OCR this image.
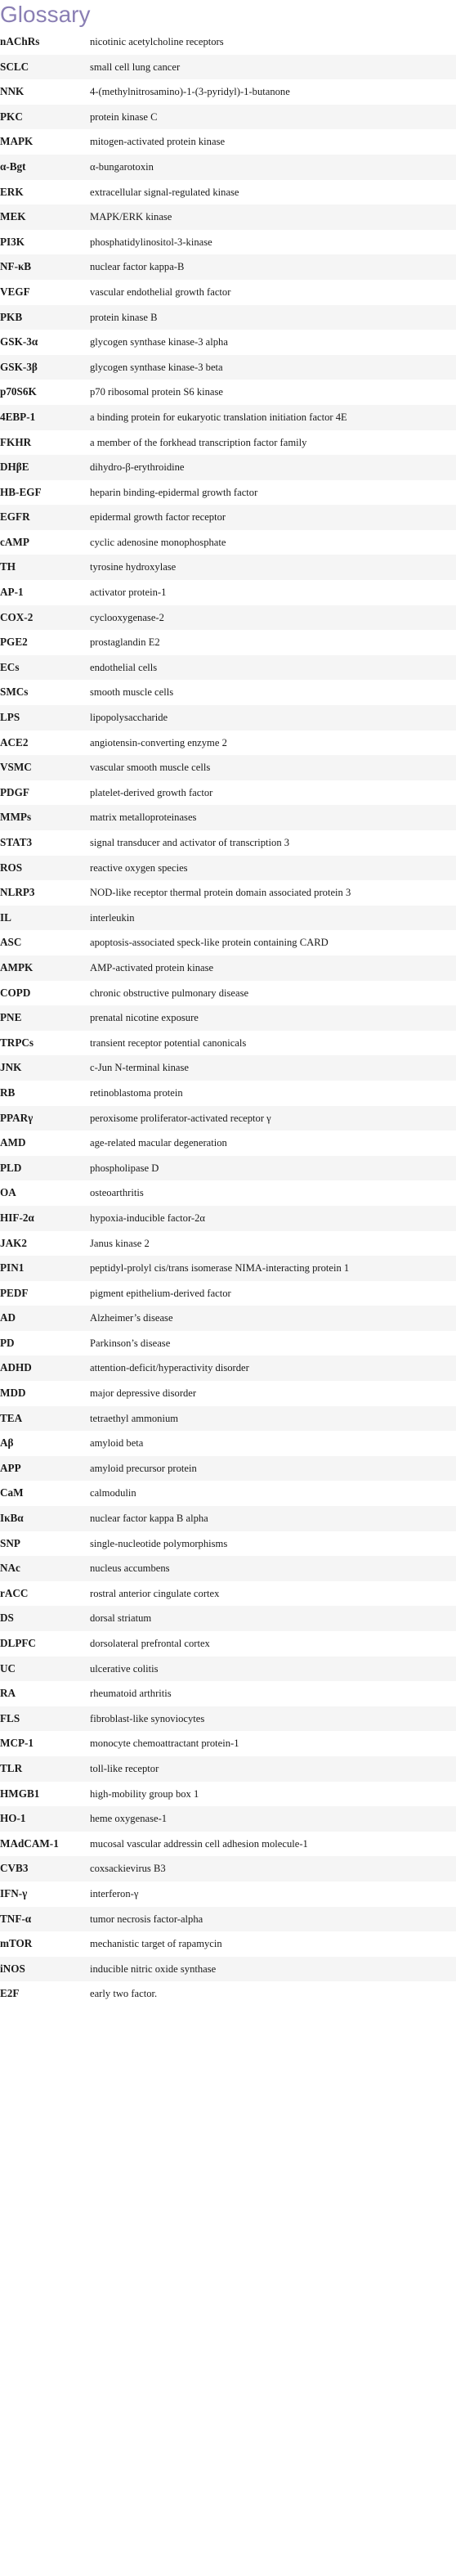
Glossary
nAChRs	nicotinic acetylcholine receptors
SCLC	small cell lung cancer
NNK	4-(methylnitrosamino)-1-(3-pyridyl)-1-butanone
PKC	protein kinase C
MAPK	mitogen-activated protein kinase
α-Bgt	α-bungarotoxin
ERK	extracellular signal-regulated kinase
MEK	MAPK/ERK kinase
PI3K	phosphatidylinositol-3-kinase
NF-κB	nuclear factor kappa-B
VEGF	vascular endothelial growth factor
PKB	protein kinase B
GSK-3α	glycogen synthase kinase-3 alpha
GSK-3β	glycogen synthase kinase-3 beta
p70S6K	p70 ribosomal protein S6 kinase
4EBP-1	a binding protein for eukaryotic translation initiation factor 4E
FKHR	a member of the forkhead transcription factor family
DHβE	dihydro-β-erythroidine
HB-EGF	heparin binding-epidermal growth factor
EGFR	epidermal growth factor receptor
cAMP	cyclic adenosine monophosphate
TH	tyrosine hydroxylase
AP-1	activator protein-1
COX-2	cyclooxygenase-2
PGE2	prostaglandin E2
ECs	endothelial cells
SMCs	smooth muscle cells
LPS	lipopolysaccharide
ACE2	angiotensin-converting enzyme 2
VSMC	vascular smooth muscle cells
PDGF	platelet-derived growth factor
MMPs	matrix metalloproteinases
STAT3	signal transducer and activator of transcription 3
ROS	reactive oxygen species
NLRP3	NOD-like receptor thermal protein domain associated protein 3
IL	interleukin
ASC	apoptosis-associated speck-like protein containing CARD
AMPK	AMP-activated protein kinase
COPD	chronic obstructive pulmonary disease
PNE	prenatal nicotine exposure
TRPCs	transient receptor potential canonicals
JNK	c-Jun N-terminal kinase
RB	retinoblastoma protein
PPARγ	peroxisome proliferator-activated receptor γ
AMD	age-related macular degeneration
PLD	phospholipase D
OA	osteoarthritis
HIF-2α	hypoxia-inducible factor-2α
JAK2	Janus kinase 2
PIN1	peptidyl-prolyl cis/trans isomerase NIMA-interacting protein 1
PEDF	pigment epithelium-derived factor
AD	Alzheimer’s disease
PD	Parkinson’s disease
ADHD	attention-deficit/hyperactivity disorder
MDD	major depressive disorder
TEA	tetraethyl ammonium
Aβ	amyloid beta
APP	amyloid precursor protein
CaM	calmodulin
IκBα	nuclear factor kappa B alpha
SNP	single-nucleotide polymorphisms
NAc	nucleus accumbens
rACC	rostral anterior cingulate cortex
DS	dorsal striatum
DLPFC	dorsolateral prefrontal cortex
UC	ulcerative colitis
RA	rheumatoid arthritis
FLS	fibroblast-like synoviocytes
MCP-1	monocyte chemoattractant protein-1
TLR	toll-like receptor
HMGB1	high-mobility group box 1
HO-1	heme oxygenase-1
MAdCAM-1	mucosal vascular addressin cell adhesion molecule-1
CVB3	coxsackievirus B3
IFN-γ	interferon-γ
TNF-α	tumor necrosis factor-alpha
mTOR	mechanistic target of rapamycin
iNOS	inducible nitric oxide synthase
E2F	early two factor.
